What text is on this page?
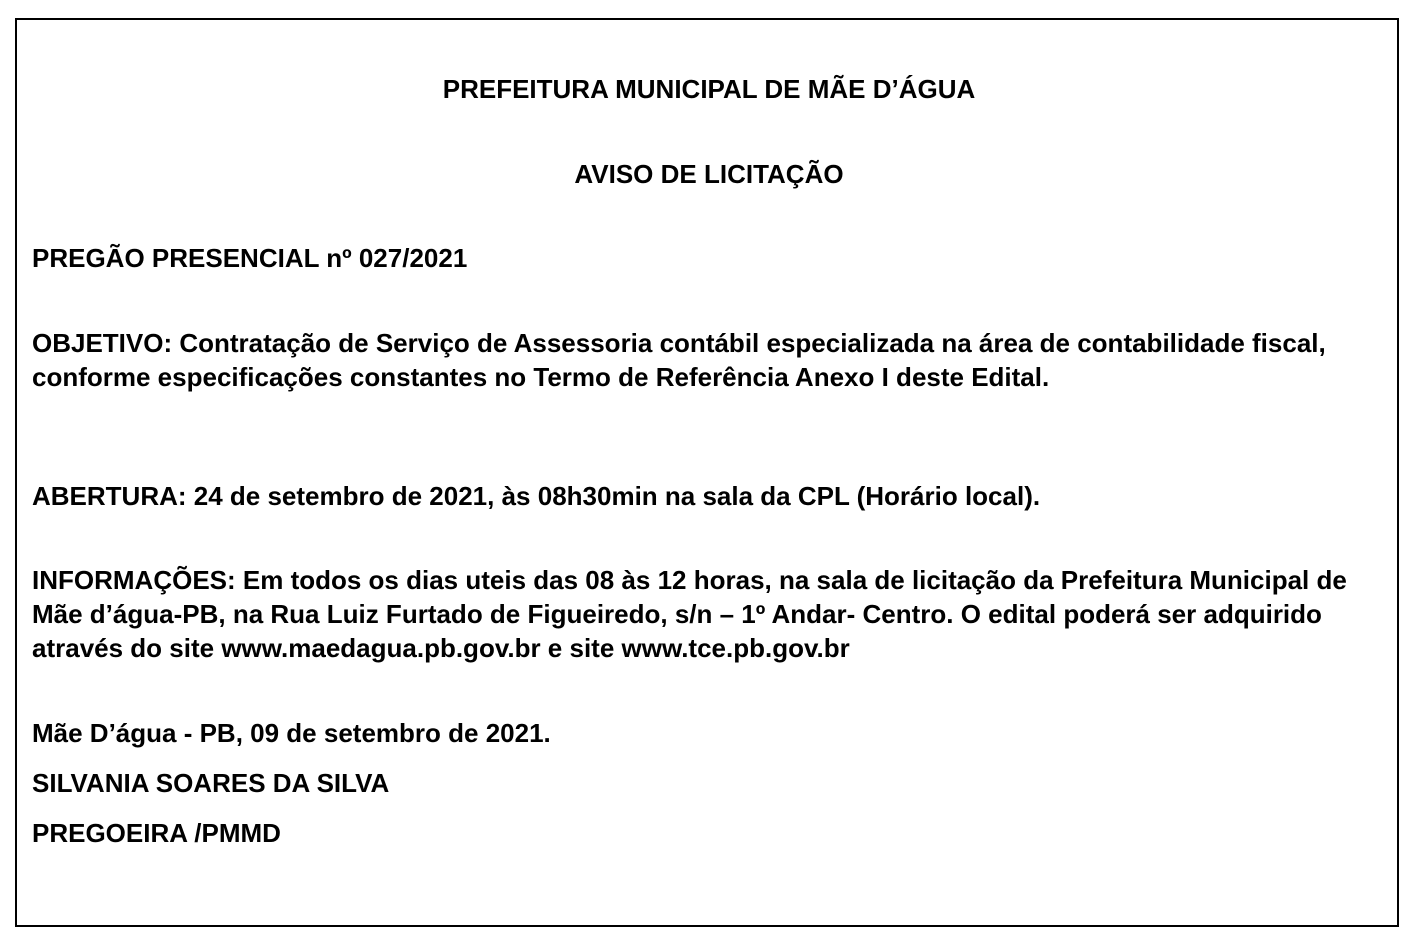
PREFEITURA MUNICIPAL DE MÃE D’ÁGUA
AVISO DE LICITAÇÃO

PREGÃO PRESENCIAL nº 027/2021

OBJETIVO: Contratação de Serviço de Assessoria contábil especializada na área de contabilidade fiscal, conforme especificações constantes no Termo de Referência Anexo I deste Edital.

ABERTURA: 24 de setembro de 2021, às 08h30min na sala da CPL (Horário local).

INFORMAÇÕES: Em todos os dias uteis das 08 às 12 horas, na sala de licitação da Prefeitura Municipal de Mãe d’água-PB, na Rua Luiz Furtado de Figueiredo, s/n – 1º Andar- Centro. O edital poderá ser adquirido através do site www.maedagua.pb.gov.br e site www.tce.pb.gov.br

Mãe D’água - PB, 09 de setembro de 2021.

SILVANIA SOARES DA SILVA

PREGOEIRA /PMMD
